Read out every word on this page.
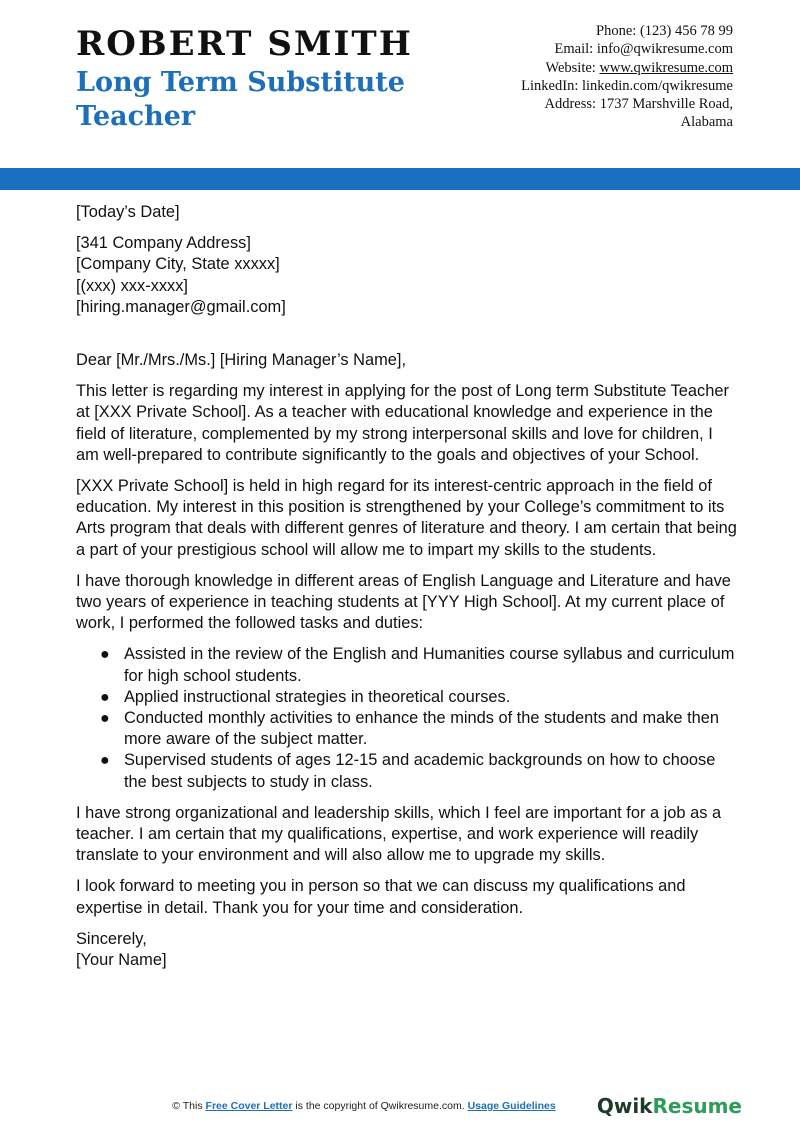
ROBERT SMITH
Long Term Substitute Teacher
Phone: (123) 456 78 99
Email: info@qwikresume.com
Website: www.qwikresume.com
LinkedIn: linkedin.com/qwikresume
Address: 1737 Marshville Road,
Alabama

[Today’s Date]

[341 Company Address]
[Company City, State xxxxx]
[(xxx) xxx-xxxx]
[hiring.manager@gmail.com]

Dear [Mr./Mrs./Ms.] [Hiring Manager’s Name],

This letter is regarding my interest in applying for the post of Long term Substitute Teacher at [XXX Private School]. As a teacher with educational knowledge and experience in the field of literature, complemented by my strong interpersonal skills and love for children, I am well-prepared to contribute significantly to the goals and objectives of your School.

[XXX Private School] is held in high regard for its interest-centric approach in the field of education. My interest in this position is strengthened by your College’s commitment to its Arts program that deals with different genres of literature and theory. I am certain that being a part of your prestigious school will allow me to impart my skills to the students.

I have thorough knowledge in different areas of English Language and Literature and have two years of experience in teaching students at [YYY High School]. At my current place of work, I performed the followed tasks and duties:

● Assisted in the review of the English and Humanities course syllabus and curriculum for high school students.
● Applied instructional strategies in theoretical courses.
● Conducted monthly activities to enhance the minds of the students and make then more aware of the subject matter.
● Supervised students of ages 12-15 and academic backgrounds on how to choose the best subjects to study in class.

I have strong organizational and leadership skills, which I feel are important for a job as a teacher. I am certain that my qualifications, expertise, and work experience will readily translate to your environment and will also allow me to upgrade my skills.

I look forward to meeting you in person so that we can discuss my qualifications and expertise in detail. Thank you for your time and consideration.

Sincerely,
[Your Name]
© This Free Cover Letter is the copyright of Qwikresume.com. Usage Guidelines	QwikResume
